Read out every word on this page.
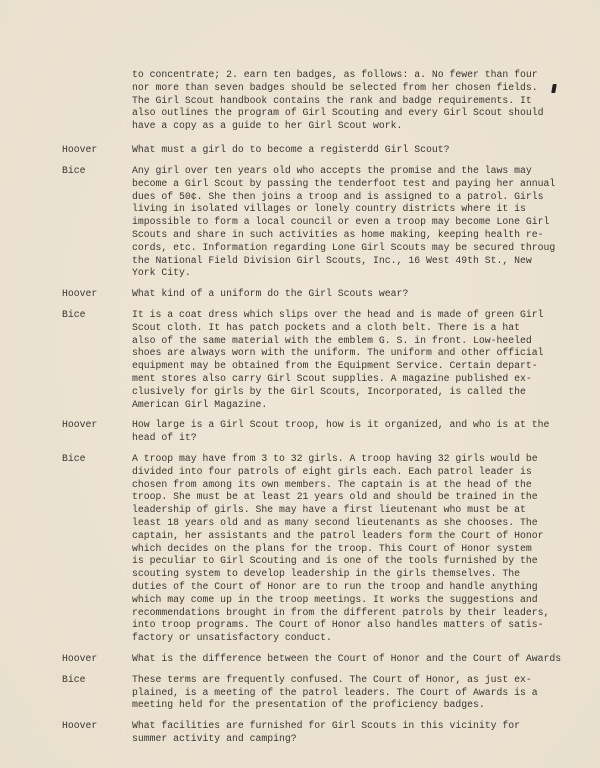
to concentrate; 2. earn ten badges, as follows: a. No fewer than four
nor more than seven badges should be selected from her chosen fields.
The Girl Scout handbook contains the rank and badge requirements. It
also outlines the program of Girl Scouting and every Girl Scout should
have a copy as a guide to her Girl Scout work.
Hoover	What must a girl do to become a registerdd Girl Scout?
Bice	Any girl over ten years old who accepts the promise and the laws may
become a Girl Scout by passing the tenderfoot test and paying her annual
dues of 50¢. She then joins a troop and is assigned to a patrol. Girls
living in isolated villages or lonely country districts where it is
impossible to form a local council or even a troop may become Lone Girl
Scouts and share in such activities as home making, keeping health re-
cords, etc. Information regarding Lone Girl Scouts may be secured throug
the National Field Division Girl Scouts, Inc., 16 West 49th St., New
York City.
Hoover	What kind of a uniform do the Girl Scouts wear?
Bice	It is a coat dress which slips over the head and is made of green Girl
Scout cloth. It has patch pockets and a cloth belt. There is a hat
also of the same material with the emblem G. S. in front. Low-heeled
shoes are always worn with the uniform. The uniform and other official
equipment may be obtained from the Equipment Service. Certain depart-
ment stores also carry Girl Scout supplies. A magazine published ex-
clusively for girls by the Girl Scouts, Incorporated, is called the
American Girl Magazine.
Hoover	How large is a Girl Scout troop, how is it organized, and who is at the
head of it?
Bice	A troop may have from 3 to 32 girls. A troop having 32 girls would be
divided into four patrols of eight girls each. Each patrol leader is
chosen from among its own members. The captain is at the head of the
troop. She must be at least 21 years old and should be trained in the
leadership of girls. She may have a first lieutenant who must be at
least 18 years old and as many second lieutenants as she chooses. The
captain, her assistants and the patrol leaders form the Court of Honor
which decides on the plans for the troop. This Court of Honor system
is peculiar to Girl Scouting and is one of the tools furnished by the
scouting system to develop leadership in the girls themselves. The
duties of the Court of Honor are to run the troop and handle anything
which may come up in the troop meetings. It works the suggestions and
recommendations brought in from the different patrols by their leaders,
into troop programs. The Court of Honor also handles matters of satis-
factory or unsatisfactory conduct.
Hoover	What is the difference between the Court of Honor and the Court of Awards
Bice	These terms are frequently confused. The Court of Honor, as just ex-
plained, is a meeting of the patrol leaders. The Court of Awards is a
meeting held for the presentation of the proficiency badges.
Hoover	What facilities are furnished for Girl Scouts in this vicinity for
summer activity and camping?
